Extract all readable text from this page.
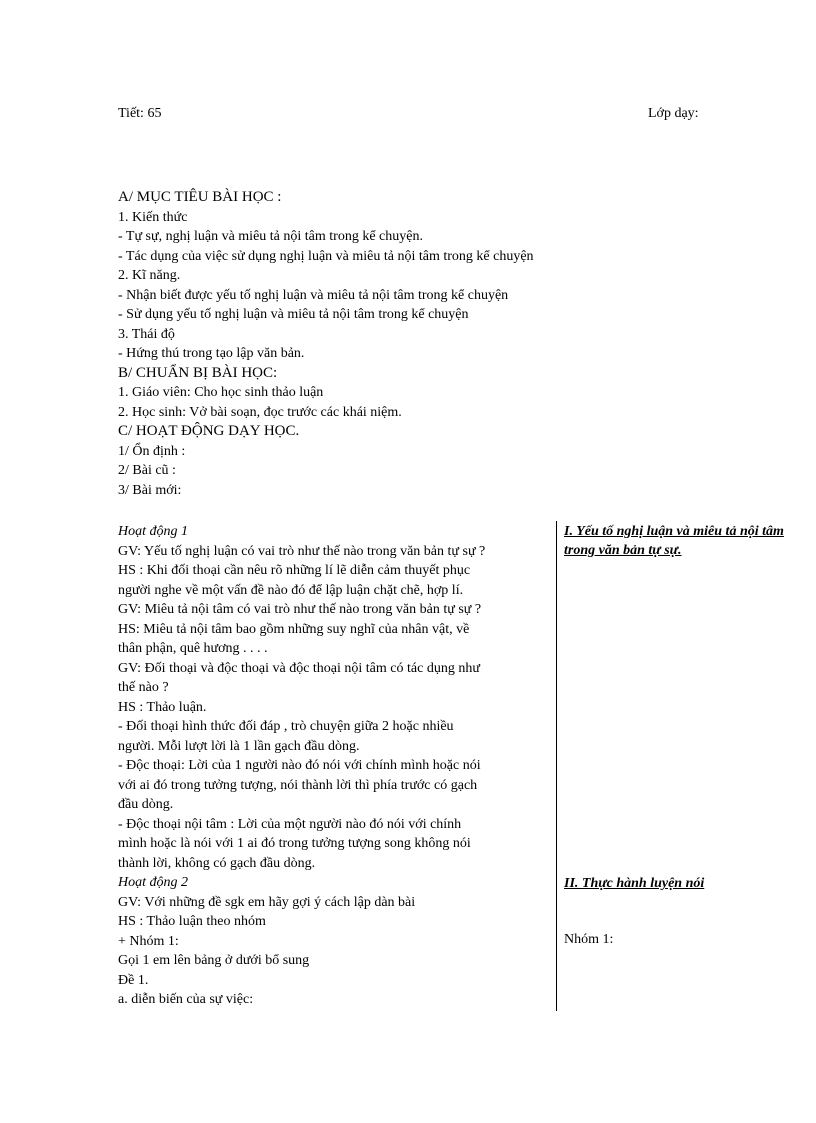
Tiết: 65	Lớp dạy:
A/ MỤC TIÊU BÀI HỌC :
1. Kiến thức
- Tự sự, nghị luận và miêu tả nội tâm trong kể chuyện.
- Tác dụng của việc sử dụng nghị luận và miêu tả nội tâm trong kể chuyện
2. Kĩ năng.
- Nhận biết được yếu tố nghị luận và miêu tả nội tâm trong kể chuyện
- Sử dụng yếu tố nghị luận và miêu tả nội tâm trong kể chuyện
3. Thái độ
- Hứng thú trong tạo lập văn bản.
B/ CHUẨN BỊ BÀI HỌC:
1. Giáo viên: Cho học sinh thảo luận
2. Học sinh: Vở bài soạn, đọc trước các khái niệm.
C/ HOẠT ĐỘNG DẠY HỌC.
1/ Ổn định :
2/ Bài cũ :
3/ Bài mới:
Hoạt động 1
GV: Yếu tố nghị luận có vai trò như thế nào trong văn bản tự sự ?
HS : Khi đối thoại cần nêu rõ những lí lẽ diễn cảm thuyết phục
người nghe về một vấn đề nào đó để lập luận chặt chẽ, hợp lí.
GV: Miêu tả nội tâm có vai trò như thế nào trong văn bản tự sự ?
HS: Miêu tả nội tâm bao gồm những suy nghĩ của nhân vật, về
thân phận, quê hương . . . .
GV: Đối thoại và độc thoại và độc thoại nội tâm có tác dụng như
thế nào ?
HS : Thảo luận.
- Đối thoại hình thức đối đáp , trò chuyện giữa 2 hoặc nhiều
người. Mỗi lượt lời là 1 lần gạch đầu dòng.
- Độc thoại: Lời của 1 người nào đó nói với chính mình hoặc nói
với ai đó trong tưởng tượng, nói thành lời thì phía trước có gạch
đầu dòng.
- Độc thoại nội tâm : Lời của một người nào đó nói với chính
mình hoặc là nói với 1 ai đó trong tưởng tượng song không nói
thành lời, không có gạch đầu dòng.
Hoạt động 2
GV: Với những đề sgk em hãy gợi ý cách lập dàn bài
HS : Thảo luận theo nhóm
+ Nhóm 1:
Gọi 1 em lên bảng ở dưới bổ sung
Đề 1.
a. diễn biến của sự việc:
I. Yếu tố nghị luận và miêu tả nội tâm trong văn bản tự sự.
II. Thực hành luyện nói
Nhóm 1:
